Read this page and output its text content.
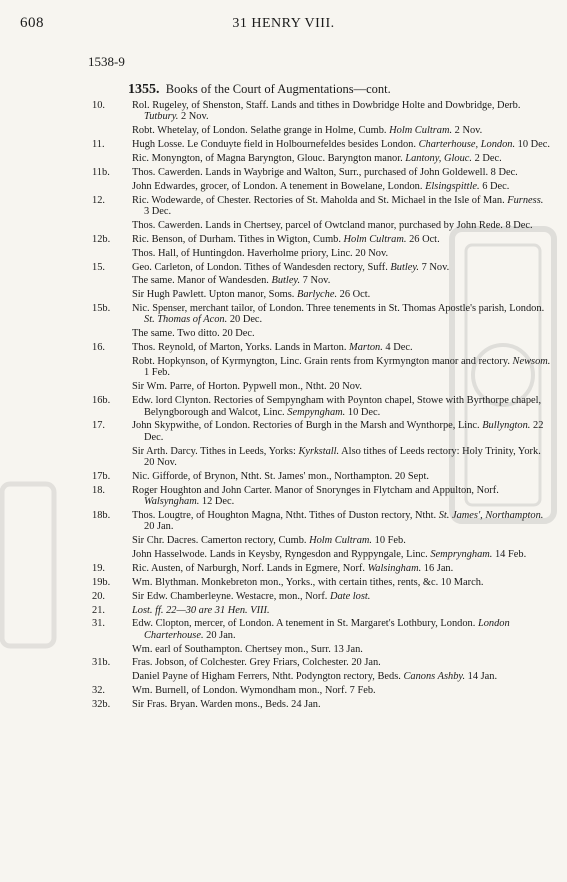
608	31 HENRY VIII.
1538-9
1355. Books of the Court of Augmentations—cont.
10.	Rol. Rugeley, of Shenston, Staff. Lands and tithes in Dowbridge Holte and Dowbridge, Derb. Tutbury. 2 Nov.
Robt. Whetelay, of London. Selathe grange in Holme, Cumb. Holm Cultram. 2 Nov.
11.	Hugh Losse. Le Conduyte field in Holbournefeldes besides London. Charterhouse, London. 10 Dec.
Ric. Monyngton, of Magna Baryngton, Glouc. Baryngton manor. Lantony, Glouc. 2 Dec.
11b. Thos. Cawerden. Lands in Waybrige and Walton, Surr., purchased of John Goldewell. 8 Dec.
John Edwardes, grocer, of London. A tenement in Bowelane, London. Elsingspittle. 6 Dec.
12.	Ric. Wodewarde, of Chester. Rectories of St. Maholda and St. Michael in the Isle of Man. Furness. 3 Dec.
Thos. Cawerden. Lands in Chertsey, parcel of Owtcland manor, purchased by John Rede. 8 Dec.
12b. Ric. Benson, of Durham. Tithes in Wigton, Cumb. Holm Cultram. 26 Oct.
Thos. Hall, of Huntingdon. Haverholme priory, Linc. 20 Nov.
15.	Geo. Carleton, of London. Tithes of Wandesden rectory, Suff. Butley. 7 Nov.
The same. Manor of Wandesden. Butley. 7 Nov.
Sir Hugh Pawlett. Upton manor, Soms. Barlyche. 26 Oct.
15b. Nic. Spenser, merchant tailor, of London. Three tenements in St. Thomas Apostle's parish, London. St. Thomas of Acon. 20 Dec.
The same. Two ditto. 20 Dec.
16.	Thos. Reynold, of Marton, Yorks. Lands in Marton. Marton. 4 Dec.
Robt. Hopkynson, of Kyrmyngton, Linc. Grain rents from Kyrmyngton manor and rectory. Newsom. 1 Feb.
Sir Wm. Parre, of Horton. Pypwell mon., Ntht. 20 Nov.
16b. Edw. lord Clynton. Rectories of Sempyngham with Poynton chapel, Stowe with Byrthorpe chapel, Belyngborough and Walcot, Linc. Sempyngham. 10 Dec.
17.	John Skypwithe, of London. Rectories of Burgh in the Marsh and Wynthorpe, Linc. Bullyngton. 22 Dec.
Sir Arth. Darcy. Tithes in Leeds, Yorks: Kyrkstall. Also tithes of Leeds rectory: Holy Trinity, York. 20 Nov.
17b. Nic. Gifforde, of Brynon, Ntht. St. James' mon., Northampton. 20 Sept.
18.	Roger Houghton and John Carter. Manor of Snorynges in Flytcham and Appulton, Norf. Walsyngham. 12 Dec.
18b. Thos. Lougtre, of Houghton Magna, Ntht. Tithes of Duston rectory, Ntht. St. James', Northampton. 20 Jan.
Sir Chr. Dacres. Camerton rectory, Cumb. Holm Cultram. 10 Feb.
John Hasselwode. Lands in Keysby, Ryngesdon and Ryppyngale, Linc. Sempryngham. 14 Feb.
19.	Ric. Austen, of Narburgh, Norf. Lands in Egmere, Norf. Walsingham. 16 Jan.
19b. Wm. Blythman. Monkebreton mon., Yorks., with certain tithes, rents, &c. 10 March.
20.	Sir Edw. Chamberleyne. Westacre, mon., Norf. Date lost.
21.	Lost. ff. 22—30 are 31 Hen. VIII.
31.	Edw. Clopton, mercer, of London. A tenement in St. Margaret's Lothbury, London. London Charterhouse. 20 Jan.
Wm. earl of Southampton. Chertsey mon., Surr. 13 Jan.
31b. Fras. Jobson, of Colchester. Grey Friars, Colchester. 20 Jan.
Daniel Payne of Higham Ferrers, Ntht. Podyngton rectory, Beds. Canons Ashby. 14 Jan.
32.	Wm. Burnell, of London. Wymondham mon., Norf. 7 Feb.
32b. Sir Fras. Bryan. Warden mons., Beds. 24 Jan.
